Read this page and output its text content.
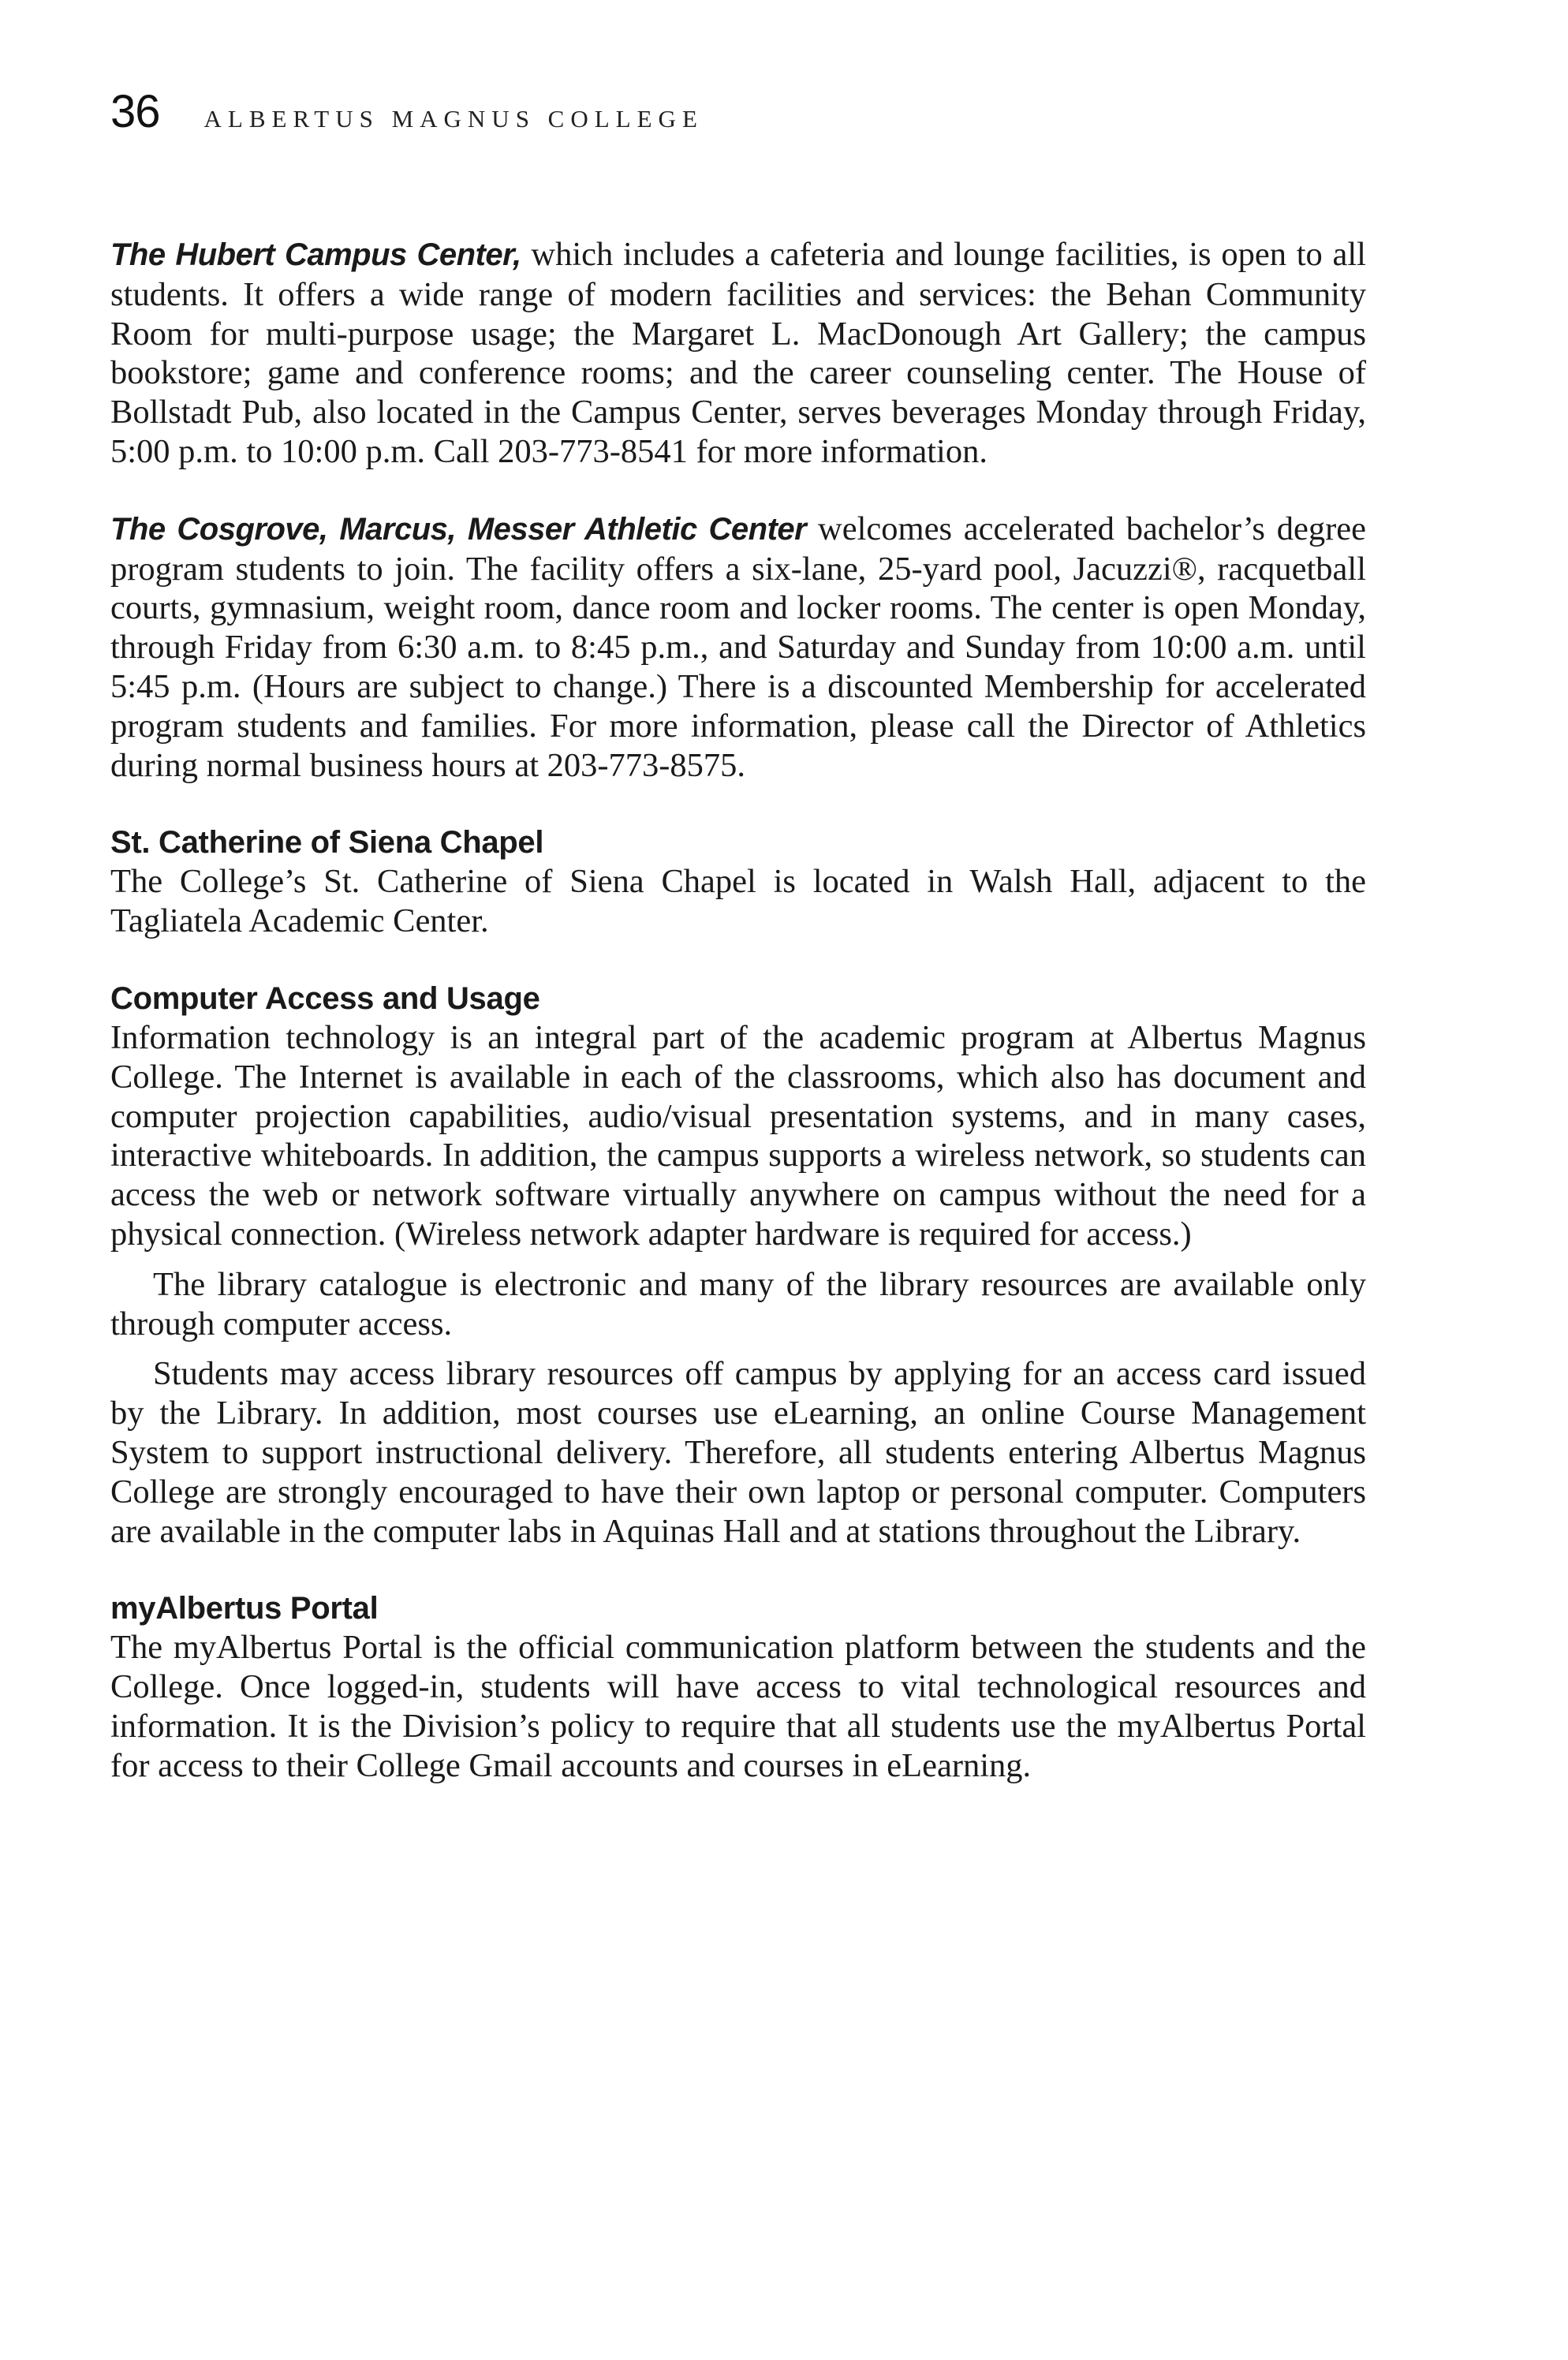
36 ALBERTUS MAGNUS COLLEGE

The Hubert Campus Center, which includes a cafeteria and lounge facilities, is open to all students. It offers a wide range of modern facilities and services: the Behan Community Room for multi-purpose usage; the Margaret L. MacDonough Art Gallery; the campus bookstore; game and conference rooms; and the career counseling center. The House of Bollstadt Pub, also located in the Campus Center, serves beverages Monday through Friday, 5:00 p.m. to 10:00 p.m. Call 203-773-8541 for more information.

The Cosgrove, Marcus, Messer Athletic Center welcomes accelerated bachelor’s degree program students to join. The facility offers a six-lane, 25-yard pool, Jacuzzi®, racquetball courts, gymnasium, weight room, dance room and locker rooms. The center is open Monday, through Friday from 6:30 a.m. to 8:45 p.m., and Saturday and Sunday from 10:00 a.m. until 5:45 p.m. (Hours are subject to change.) There is a discounted Membership for accelerated program students and families. For more information, please call the Director of Athletics during normal business hours at 203-773-8575.

St. Catherine of Siena Chapel

The College’s St. Catherine of Siena Chapel is located in Walsh Hall, adjacent to the Tagliatela Academic Center.

Computer Access and Usage

Information technology is an integral part of the academic program at Albertus Magnus College. The Internet is available in each of the classrooms, which also has document and computer projection capabilities, audio/visual presentation systems, and in many cases, interactive whiteboards. In addition, the campus supports a wireless network, so students can access the web or network software virtually anywhere on campus without the need for a physical connection. (Wireless network adapter hardware is required for access.)

The library catalogue is electronic and many of the library resources are available only through computer access.

Students may access library resources off campus by applying for an access card issued by the Library. In addition, most courses use eLearning, an online Course Management System to support instructional delivery. Therefore, all students entering Albertus Magnus College are strongly encouraged to have their own laptop or personal computer. Computers are available in the computer labs in Aquinas Hall and at stations throughout the Library.

myAlbertus Portal

The myAlbertus Portal is the official communication platform between the students and the College. Once logged-in, students will have access to vital technological resources and information. It is the Division’s policy to require that all students use the myAlbertus Portal for access to their College Gmail accounts and courses in eLearning.
